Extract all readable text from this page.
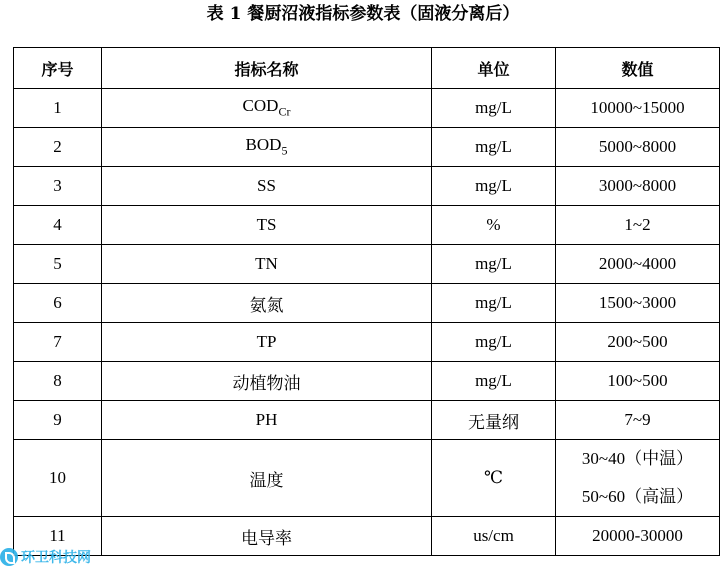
表 1 餐厨沼液指标参数表（固液分离后）
序号	指标名称	单位	数值
1	$COD_{Cr}$	mg/L	10000~15000
2	$BOD_5$	mg/L	5000~8000
3	SS	mg/L	3000~8000
4	TS	%	1~2
5	TN	mg/L	2000~4000
6	氨氮	mg/L	1500~3000
7	TP	mg/L	200~500
8	动植物油	mg/L	100~500
9	PH	无量纲	7~9
10	温度	℃	30~40（中温）
50~60（高温）

11	电导率	us/cm	20000-30000
环卫科技网
